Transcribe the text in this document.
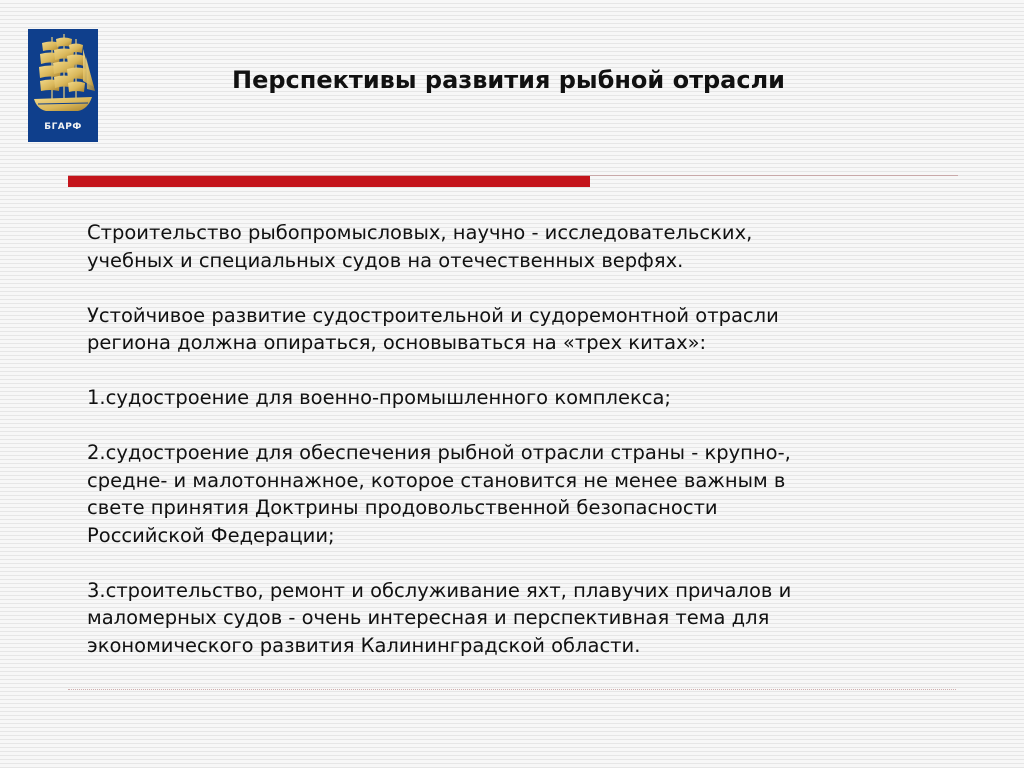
БГАРФ
Перспективы развития рыбной отрасли

Строительство рыбопромысловых, научно - исследовательских,
учебных и специальных судов на отечественных верфях.

Устойчивое развитие судостроительной и судоремонтной отрасли
региона должна опираться, основываться на «трех китах»:

1.судостроение для военно-промышленного комплекса;

2.судостроение для обеспечения рыбной отрасли страны - крупно-,
средне- и малотоннажное, которое становится не менее важным в
свете принятия Доктрины продовольственной безопасности
Российской Федерации;

3.строительство, ремонт и обслуживание яхт, плавучих причалов и
маломерных судов - очень интересная и перспективная тема для
экономического развития Калининградской области.
